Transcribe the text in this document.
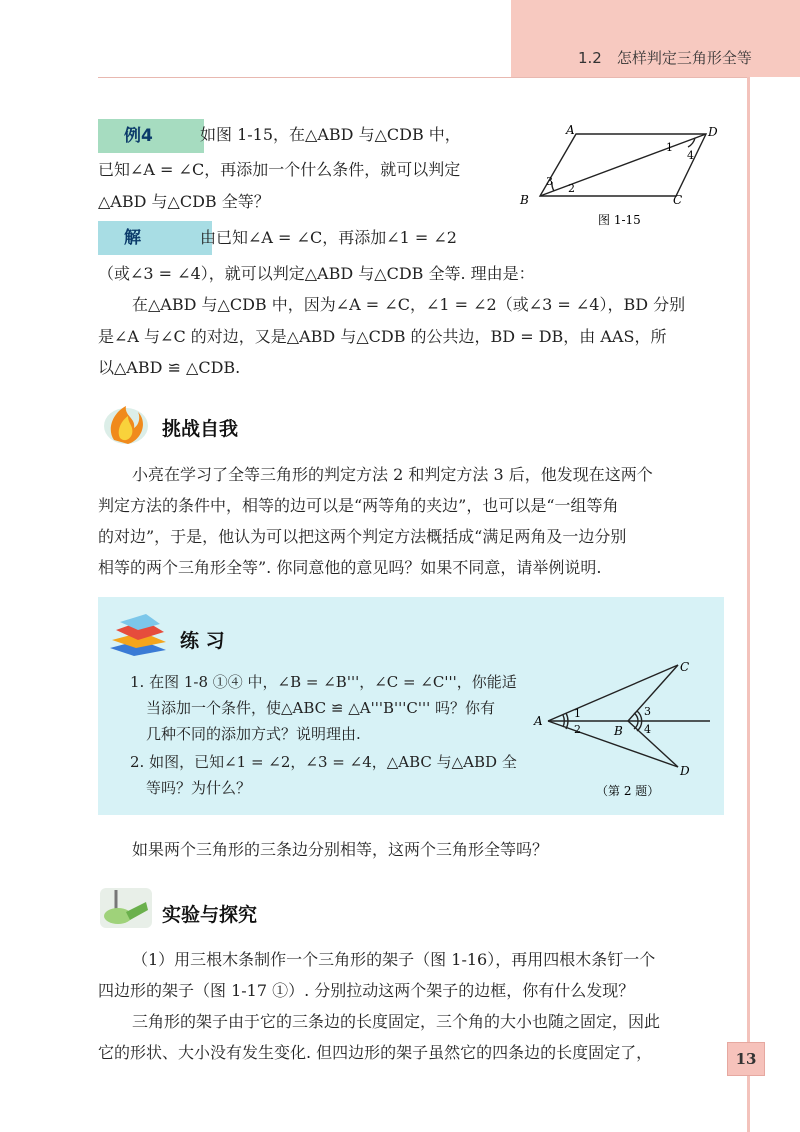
1.2　怎样判定三角形全等
例4	如图 1-15，在△ABD 与△CDB 中，
已知∠A = ∠C，再添加一个什么条件，就可以判定
△ABD 与△CDB 全等？
A	D
B	C
1
2
3
4
图 1-15
解	由已知∠A = ∠C，再添加∠1 = ∠2
（或∠3 = ∠4），就可以判定△ABD 与△CDB 全等. 理由是：
在△ABD 与△CDB 中，因为∠A = ∠C，∠1 = ∠2（或∠3 = ∠4），BD 分别
是∠A 与∠C 的对边，又是△ABD 与△CDB 的公共边，BD = DB，由 AAS，所
以△ABD ≌ △CDB.
挑战自我
小亮在学习了全等三角形的判定方法 2 和判定方法 3 后，他发现在这两个
判定方法的条件中，相等的边可以是“两等角的夹边”，也可以是“一组等角
的对边”，于是，他认为可以把这两个判定方法概括成“满足两角及一边分别
相等的两个三角形全等”. 你同意他的意见吗？如果不同意，请举例说明.
练 习
1. 在图 1-8 ①④ 中，∠B = ∠B'''，∠C = ∠C'''，你能适
当添加一个条件，使△ABC ≌ △A'''B'''C''' 吗？你有
几种不同的添加方式？说明理由.
2. 如图，已知∠1 = ∠2，∠3 = ∠4，△ABC 与△ABD 全
等吗？为什么？
A
B
C
D
1
2
3
4
（第 2 题）
如果两个三角形的三条边分别相等，这两个三角形全等吗？
实验与探究
（1）用三根木条制作一个三角形的架子（图 1-16），再用四根木条钉一个
四边形的架子（图 1-17 ①）. 分别拉动这两个架子的边框，你有什么发现？
三角形的架子由于它的三条边的长度固定，三个角的大小也随之固定，因此
它的形状、大小没有发生变化. 但四边形的架子虽然它的四条边的长度固定了，	13
